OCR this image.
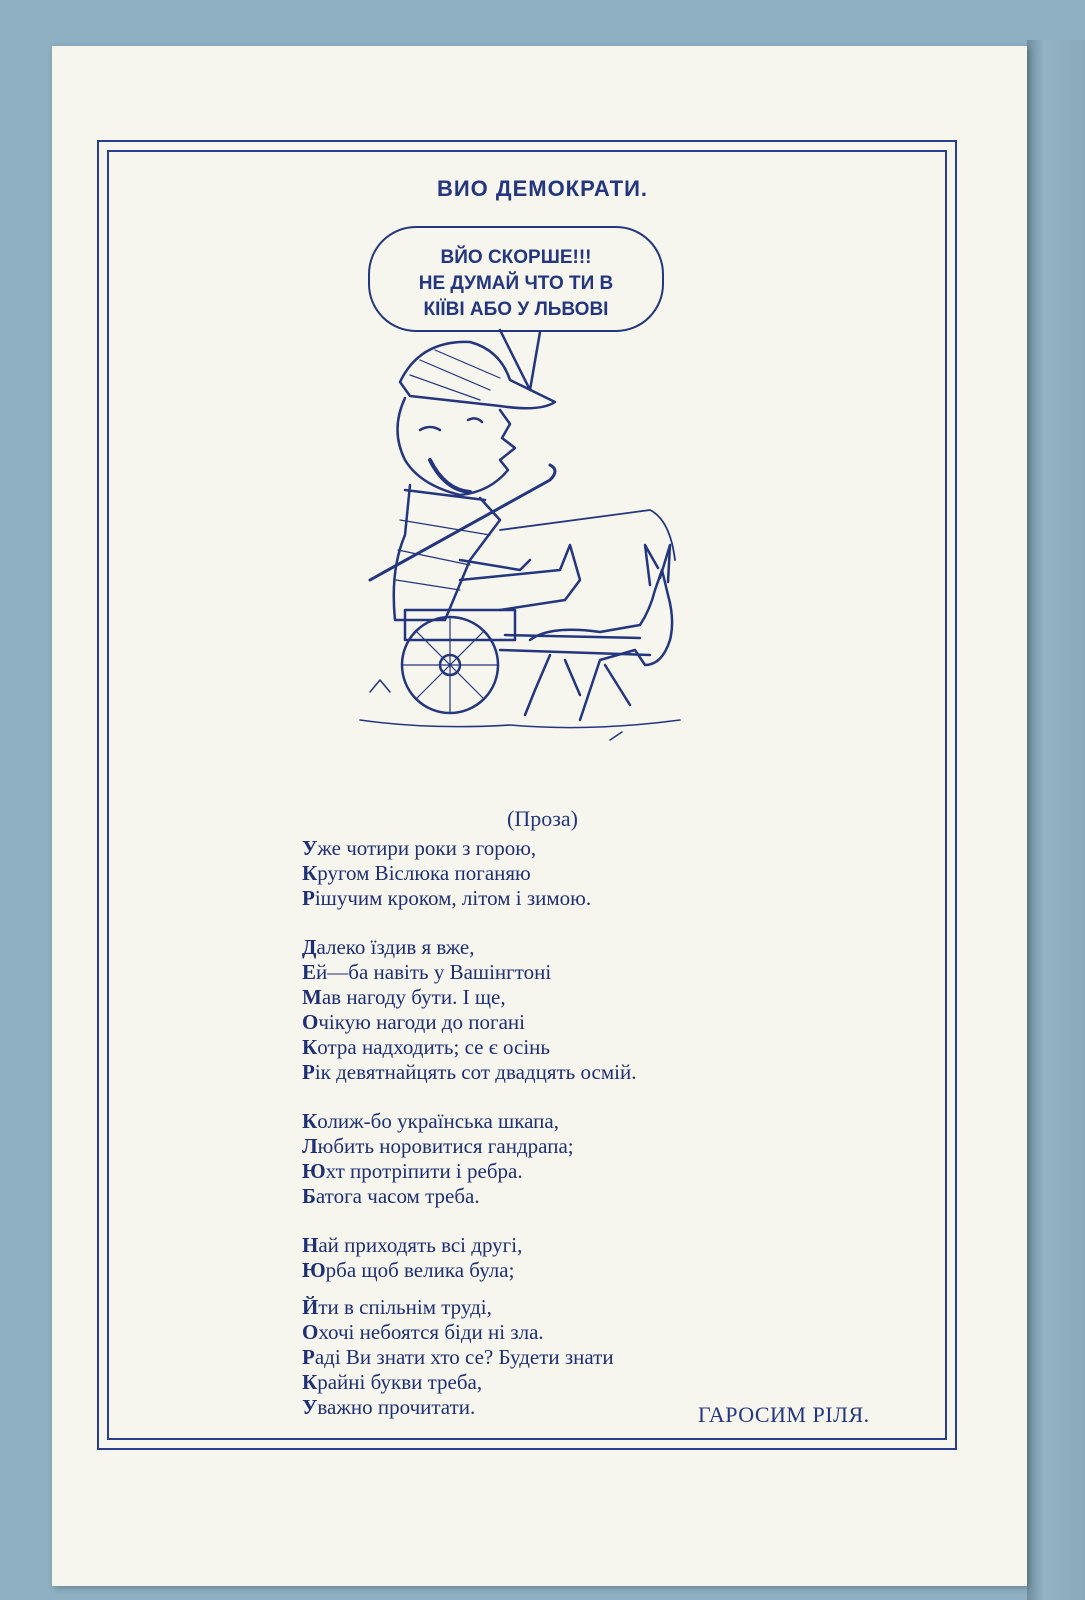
ВИО ДЕМОКРАТИ.
ВЙО СКОРШЕ!!!
НЕ ДУМАЙ ЧТО ТИ В
КІЇВІ АБО У ЛЬВОВІ
(Проза)
Уже чотири роки з горою,
Кругом Віслюка поганяю
Рішучим кроком, літом і зимою.
Далеко їздив я вже,
Ей—ба навіть у Вашінгтоні
Мав нагоду бути. І ще,
Очікую нагоди до погані
Котра надходить; се є осінь
Рік девятнайцять сот двадцять осмій.
Колиж-бо українська шкапа,
Любить норовитися гандрапа;
Юхт протріпити і ребра.
Батога часом треба.
Най приходять всі другі,
Юрба щоб велика була;
Йти в спільнім труді,
Охочі небоятся біди ні зла.
Раді Ви знати хто се? Будети знати
Крайні букви треба,
Уважно прочитати.	ГАРОСИМ РІЛЯ.
